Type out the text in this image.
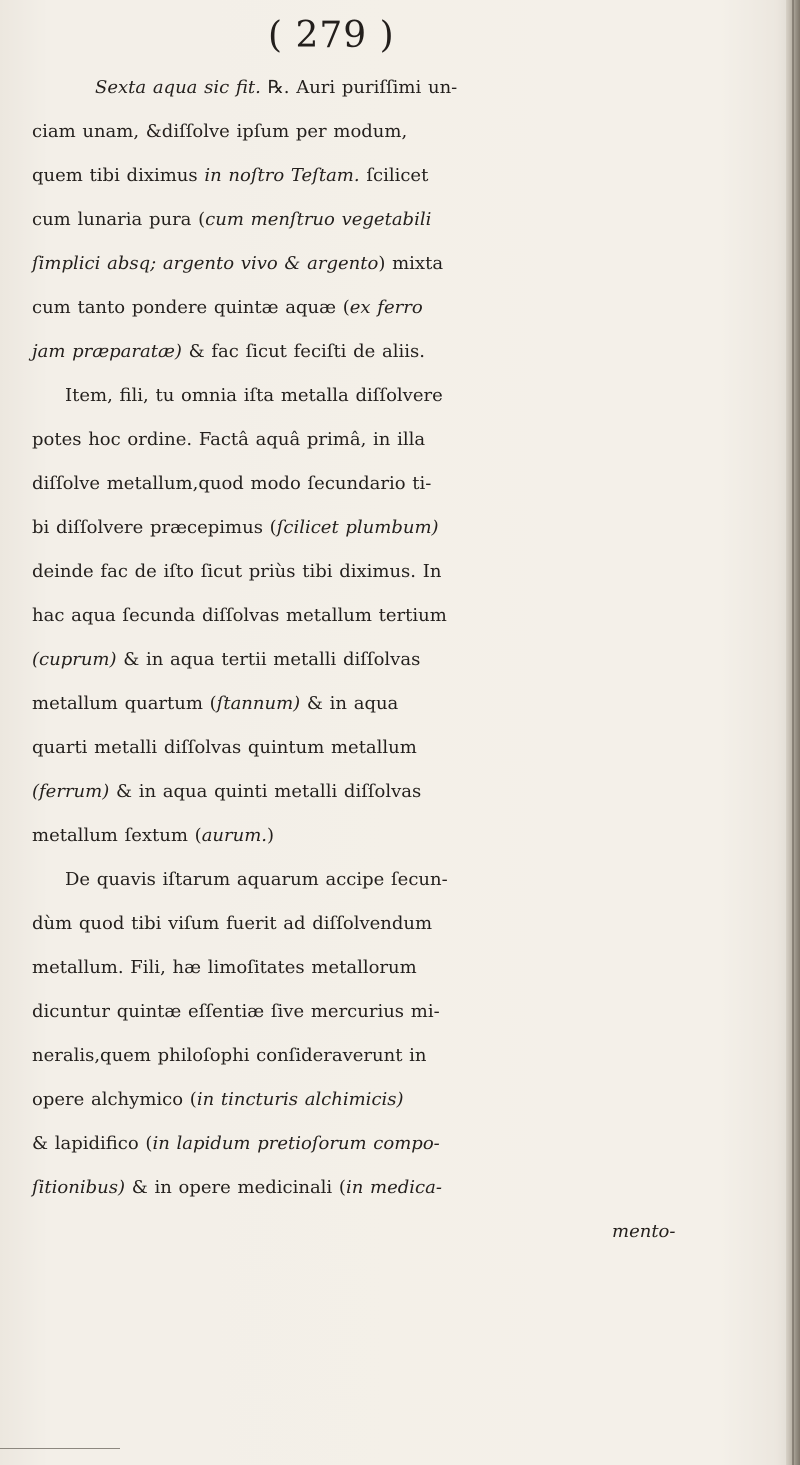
( 279 )
Sexta aqua sic fit. ℞. Auri puriſſimi un-
ciam unam, &diſſolve ipſum per modum,
quem tibi diximus in noſtro Teſtam. ſcilicet
cum lunaria pura (cum menſtruo vegetabili
ſimplici absq; argento vivo & argento) mixta
cum tanto pondere quintæ aquæ (ex ferro
jam præparatæ) & fac ſicut feciſti de aliis.
Item, fili, tu omnia iſta metalla diſſolvere
potes hoc ordine. Factâ aquâ primâ, in illa
diſſolve metallum,quod modo ſecundario ti-
bi diſſolvere præcepimus (ſcilicet plumbum)
deinde fac de iſto ſicut priùs tibi diximus. In
hac aqua ſecunda diſſolvas metallum tertium
(cuprum) & in aqua tertii metalli diſſolvas
metallum quartum (ſtannum) & in aqua
quarti metalli diſſolvas quintum metallum
(ferrum) & in aqua quinti metalli diſſolvas
metallum ſextum (aurum.)
De quavis iſtarum aquarum accipe ſecun-
dùm quod tibi viſum fuerit ad diſſolvendum
metallum. Fili, hæ limoſitates metallorum
dicuntur quintæ eſſentiæ ſive mercurius mi-
neralis,quem philoſophi conſideraverunt in
opere alchymico (in tincturis alchimicis)
& lapidifico (in lapidum pretioſorum compo-
ſitionibus) & in opere medicinali (in medica-
mento-
